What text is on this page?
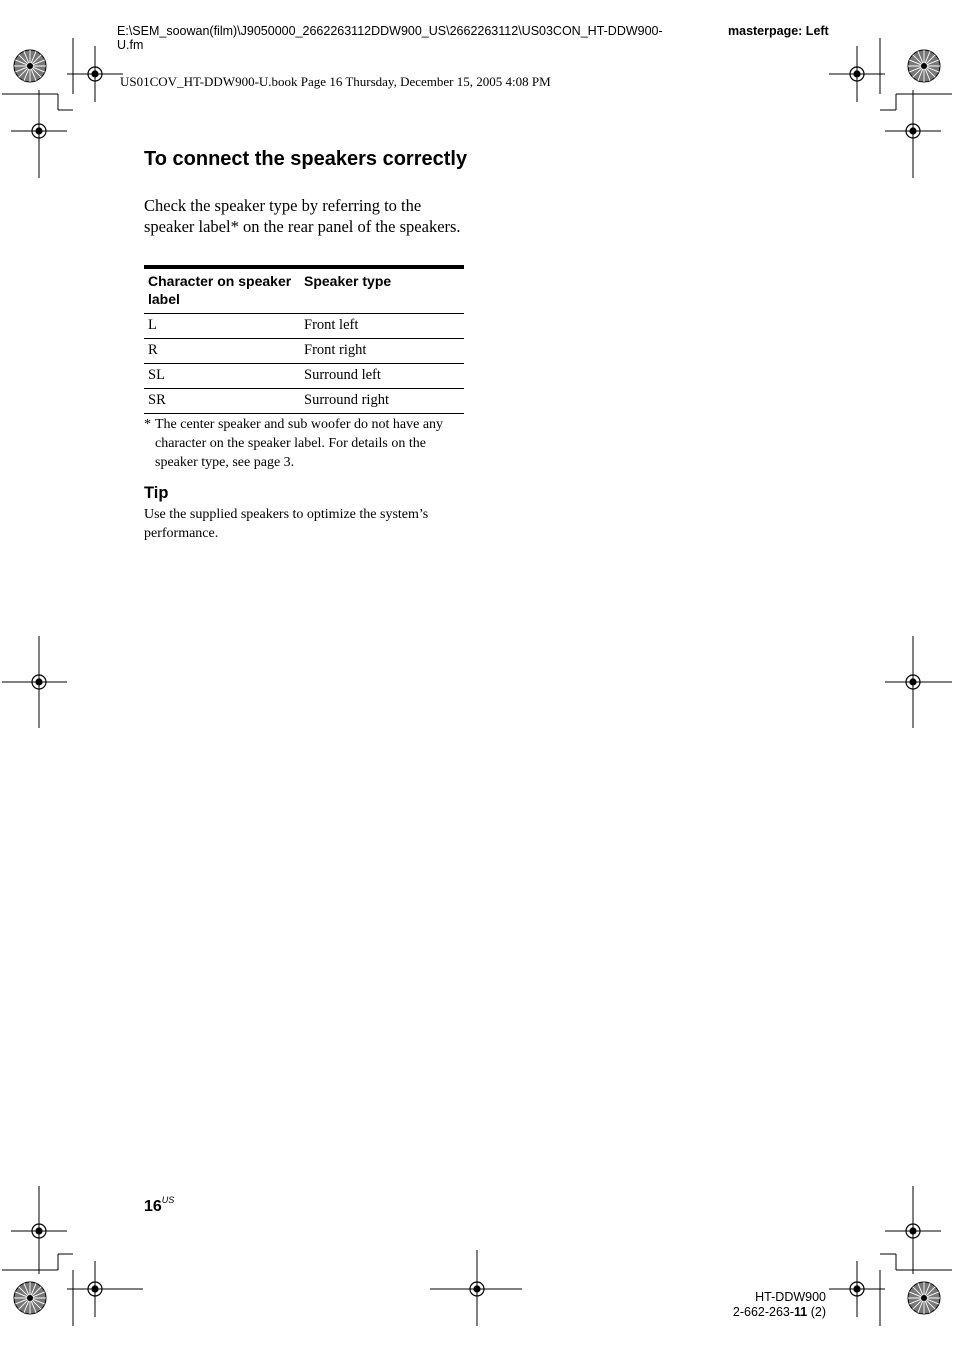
E:\SEM_soowan(film)\J9050000_2662263112DDW900_US\2662263112\US03CON_HT-DDW900-U.fm
masterpage: Left
US01COV_HT-DDW900-U.book Page 16 Thursday, December 15, 2005 4:08 PM
To connect the speakers correctly
Check the speaker type by referring to the speaker label* on the rear panel of the speakers.
Character on speaker label	Speaker type
L	Front left
R	Front right
SL	Surround left
SR	Surround right
* The center speaker and sub woofer do not have any character on the speaker label. For details on the speaker type, see page 3.
Tip
Use the supplied speakers to optimize the system’s performance.
$16^{US}$
HT-DDW900
2-662-263-11 (2)
